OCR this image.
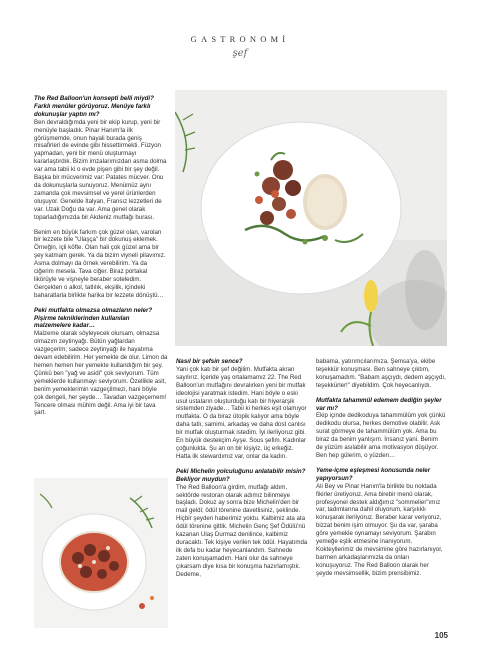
GASTRONOMİ
şef

The Red Balloon'un konsepti belli miydi? Farklı menüler görüyoruz. Menüye farklı dokunuşlar yaptın mı?
Ben devraldığımda yeni bir ekip kurup, yeni bir menüyle başladık. Pinar Hanım'la ilk görüşmemde, onun hayali burada geniş misafirleri de evinde gibi hissettirmekti. Füzyon yapmadan, yeni bir menü oluşturmayı kararlaştırdık. Bizim imzalarımızdan asma dolma var ama tabii ki o evde pişen gibi bir şey değil. Başka bir mücverimiz var: Patates mücver. Onu da dokunuşlarla sunuyoruz. Menümüz aynı zamanda çok mevsimsel ve yerel ürünlerden oluşuyor. Genelde İtalyan, Fransız lezzetleri de var. Uzak Doğu da var. Ama genel olarak toparladığımızda bir Akdeniz mutfağı burası.

Benim en büyük farkım çok güzel olan, varolan bir lezzete bile "Ulaşça" bir dokunuş eklemek. Örneğin, içli köfte. Olan hali çok güzel ama bir şey katmam gerek. Ya da bizim viyneli pilavımız. Asma dolmayı da örnek verebilirim. Ya da ciğerim mesela. Tava ciğer. Biraz portakal likörüyle ve vişneyle beraber soteledim. Gerçekten o alkol, tatlılık, ekşilik, içindeki baharatlarla birlikte harika bir lezzete dönüştü…

Peki mutfakta olmazsa olmazların neler? Pişirme tekniklerinden kullanılan malzemelere kadar…
Malzeme olarak söyleyecek olursam, olmazsa olmazım zeytinyağı. Bütün yağlardan vazgeçerim; sadece zeytinyağı ile hayatıma devam edebilirim. Her yemekte de olur. Limon da hemen hemen her yemekte kullandığım bir şey. Çünkü ben "yağ ve asidi" çok seviyorum. Tüm yemeklerde kullanmayı seviyorum. Özellikle asit, benim yemeklerimin vazgeçilmezi, hani böyle çok dengeli, her şeyde… Tavadan vazgeçemem! Tencere olması mühim değil. Ama iyi bir tava şart.

Nasıl bir şefsin sence?
Yani çok katı bir şef değilim. Mutfakta akran sayılırız. İçeride yaş ortalamamız 22. The Red Balloon'un mutfağını devralırken yeni bir mutfak ideolojisi yaratmak istedim. Hani böyle o eski usul ustaların oluşturduğu katı bir hiyerarşik sistemden ziyade… Tabii ki herkes eşit olamıyor mutfakta. O da biraz ütopik kalıyor ama böyle daha tatlı, samimi, arkadaş ve daha dost canlısı bir mutfak oluşturmak istedim. İyi ilerliyoruz gibi. En büyük destekçim Ayşe. Sous şefim. Kadınlar çoğunlukta. Şu an on bir kişiyiz, üç erkeğiz. Hatta ilk stewardımız var, onlar da kadın.

Peki Michelin yolculuğunu anlatabilir misin? Bekliyor muydun?
The Red Balloon'a girdim, mutfağı aldım, sektörde restoran olarak adımız bilinmeye başladı. Dokuz ay sonra bize Michelin'den bir mail geldi; ödül törenine davetlisiniz, şeklinde. Hiçbir şeyden haberimiz yoktu. Kalbimiz ata ata ödül törenine gittik. Michelin Genç Şef Ödülü'nü kazanan Ulaş Durmaz denilince, kalbimiz duracaktı. Tek kişiye verilen tek ödül. Hayatımda ilk defa bu kadar heyecanlandım. Sahnede zaten konuşamadım. Hani olur da sahneye çıkarsam diye kısa bir konuşma hazırlamıştık. Dedeme,

babama, yatırımcılarımıza, Şemsa'ya, ekibe teşekkür konuşması. Ben sahneye çıktım, konuşamadım. "Babam aşçıydı, dedem aşçıydı, teşekkürler!" diyebildim. Çok heyecanlıydı.

Mutfakta tahammül edemem dediğin şeyler var mı?
Ekip içinde dedikoduya tahammülüm yok çünkü dedikodu olursa, herkes demotive olabilir. Ask surat görmeye de tahammülüm yok. Ama bu biraz da benim yanlışım. İnsanız yani. Benim de yüzüm asılabilir ama motivasyon düşüyor. Ben hep gülerim, o yüzden…

Yeme-içme eşleşmesi konusunda neler yapıyorsun?
Ali Bey ve Pinar Hanım'la birlikte bu noktada fikirler üretiyoruz. Ama birebir menü olarak, profesyonel destek aldığımız "sommelier"ımız var, tadımlarına dahil oluyorum, karşılıklı konuşarak ilerliyoruz. Beraber karar veriyoruz, bizzat benim işim olmuyor. Şu da var, şaraba göre yemekle oynamayı seviyorum. Şarabın yemeğe eşlik etmesine inanıyorum. Kokteyllerimiz de mevsimine göre hazırlanıyor, barmen arkadaşlarımızla da onları konuşuyoruz. The Red Balloon olarak her şeyde mevsimsellik, bizim prensibimiz.

105
